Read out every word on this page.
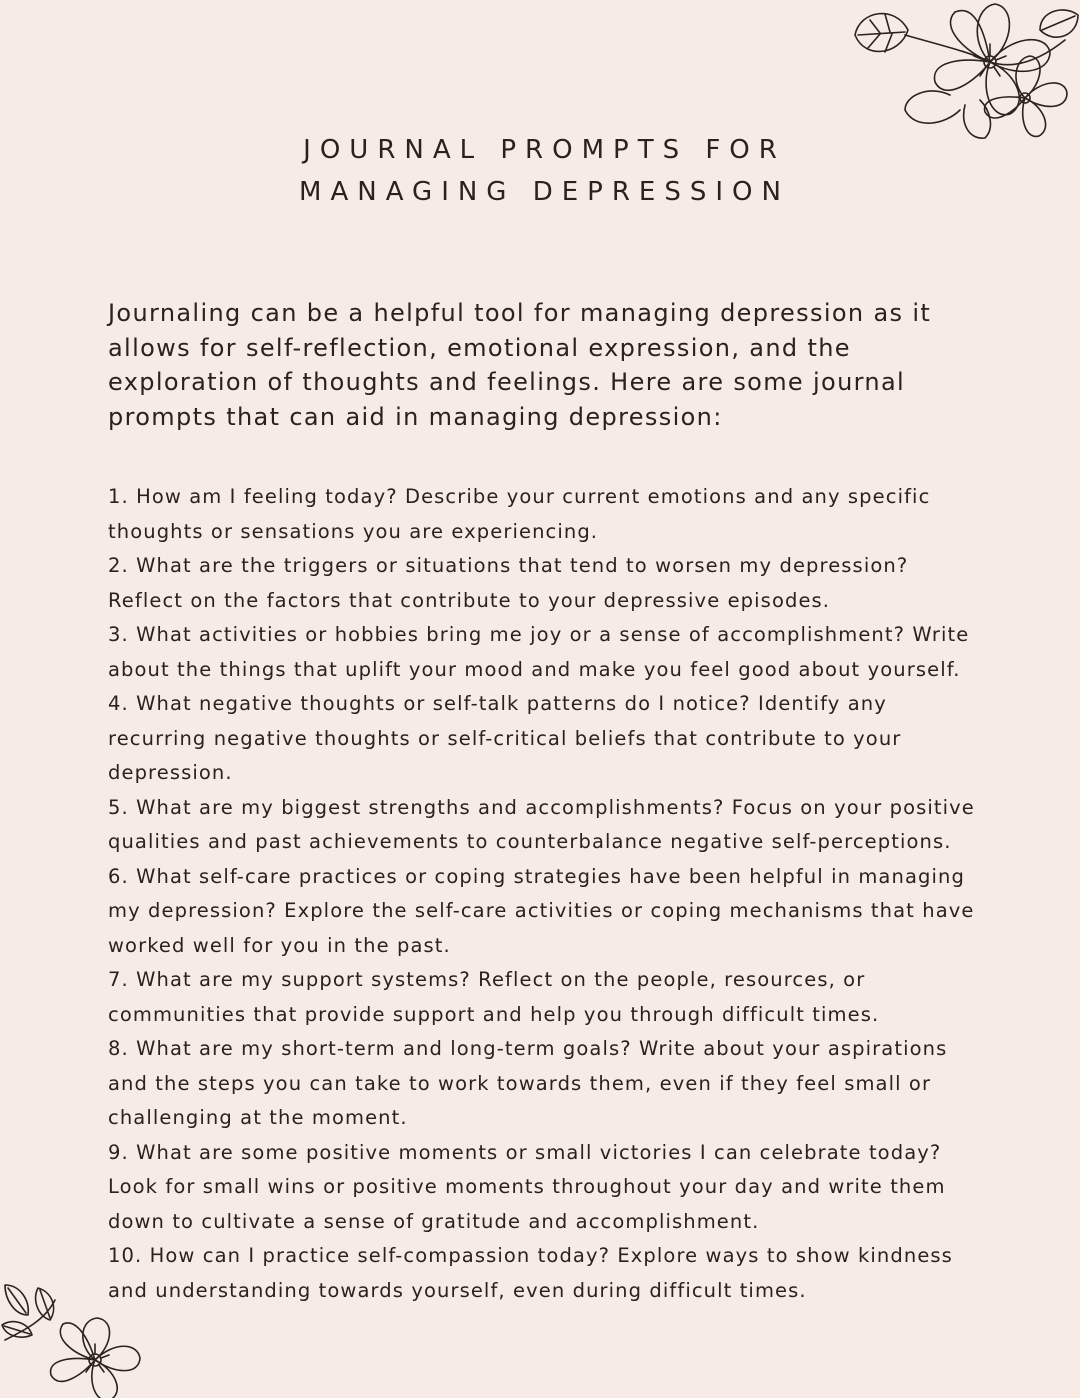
JOURNAL PROMPTS FOR
MANAGING DEPRESSION

Journaling can be a helpful tool for managing depression as it allows for self-reflection, emotional expression, and the exploration of thoughts and feelings. Here are some journal prompts that can aid in managing depression:

1. How am I feeling today? Describe your current emotions and any specific thoughts or sensations you are experiencing.
2. What are the triggers or situations that tend to worsen my depression? Reflect on the factors that contribute to your depressive episodes.
3. What activities or hobbies bring me joy or a sense of accomplishment? Write about the things that uplift your mood and make you feel good about yourself.
4. What negative thoughts or self-talk patterns do I notice? Identify any recurring negative thoughts or self-critical beliefs that contribute to your depression.
5. What are my biggest strengths and accomplishments? Focus on your positive qualities and past achievements to counterbalance negative self-perceptions.
6. What self-care practices or coping strategies have been helpful in managing my depression? Explore the self-care activities or coping mechanisms that have worked well for you in the past.
7. What are my support systems? Reflect on the people, resources, or communities that provide support and help you through difficult times.
8. What are my short-term and long-term goals? Write about your aspirations and the steps you can take to work towards them, even if they feel small or challenging at the moment.
9. What are some positive moments or small victories I can celebrate today? Look for small wins or positive moments throughout your day and write them down to cultivate a sense of gratitude and accomplishment.
10. How can I practice self-compassion today? Explore ways to show kindness and understanding towards yourself, even during difficult times.
